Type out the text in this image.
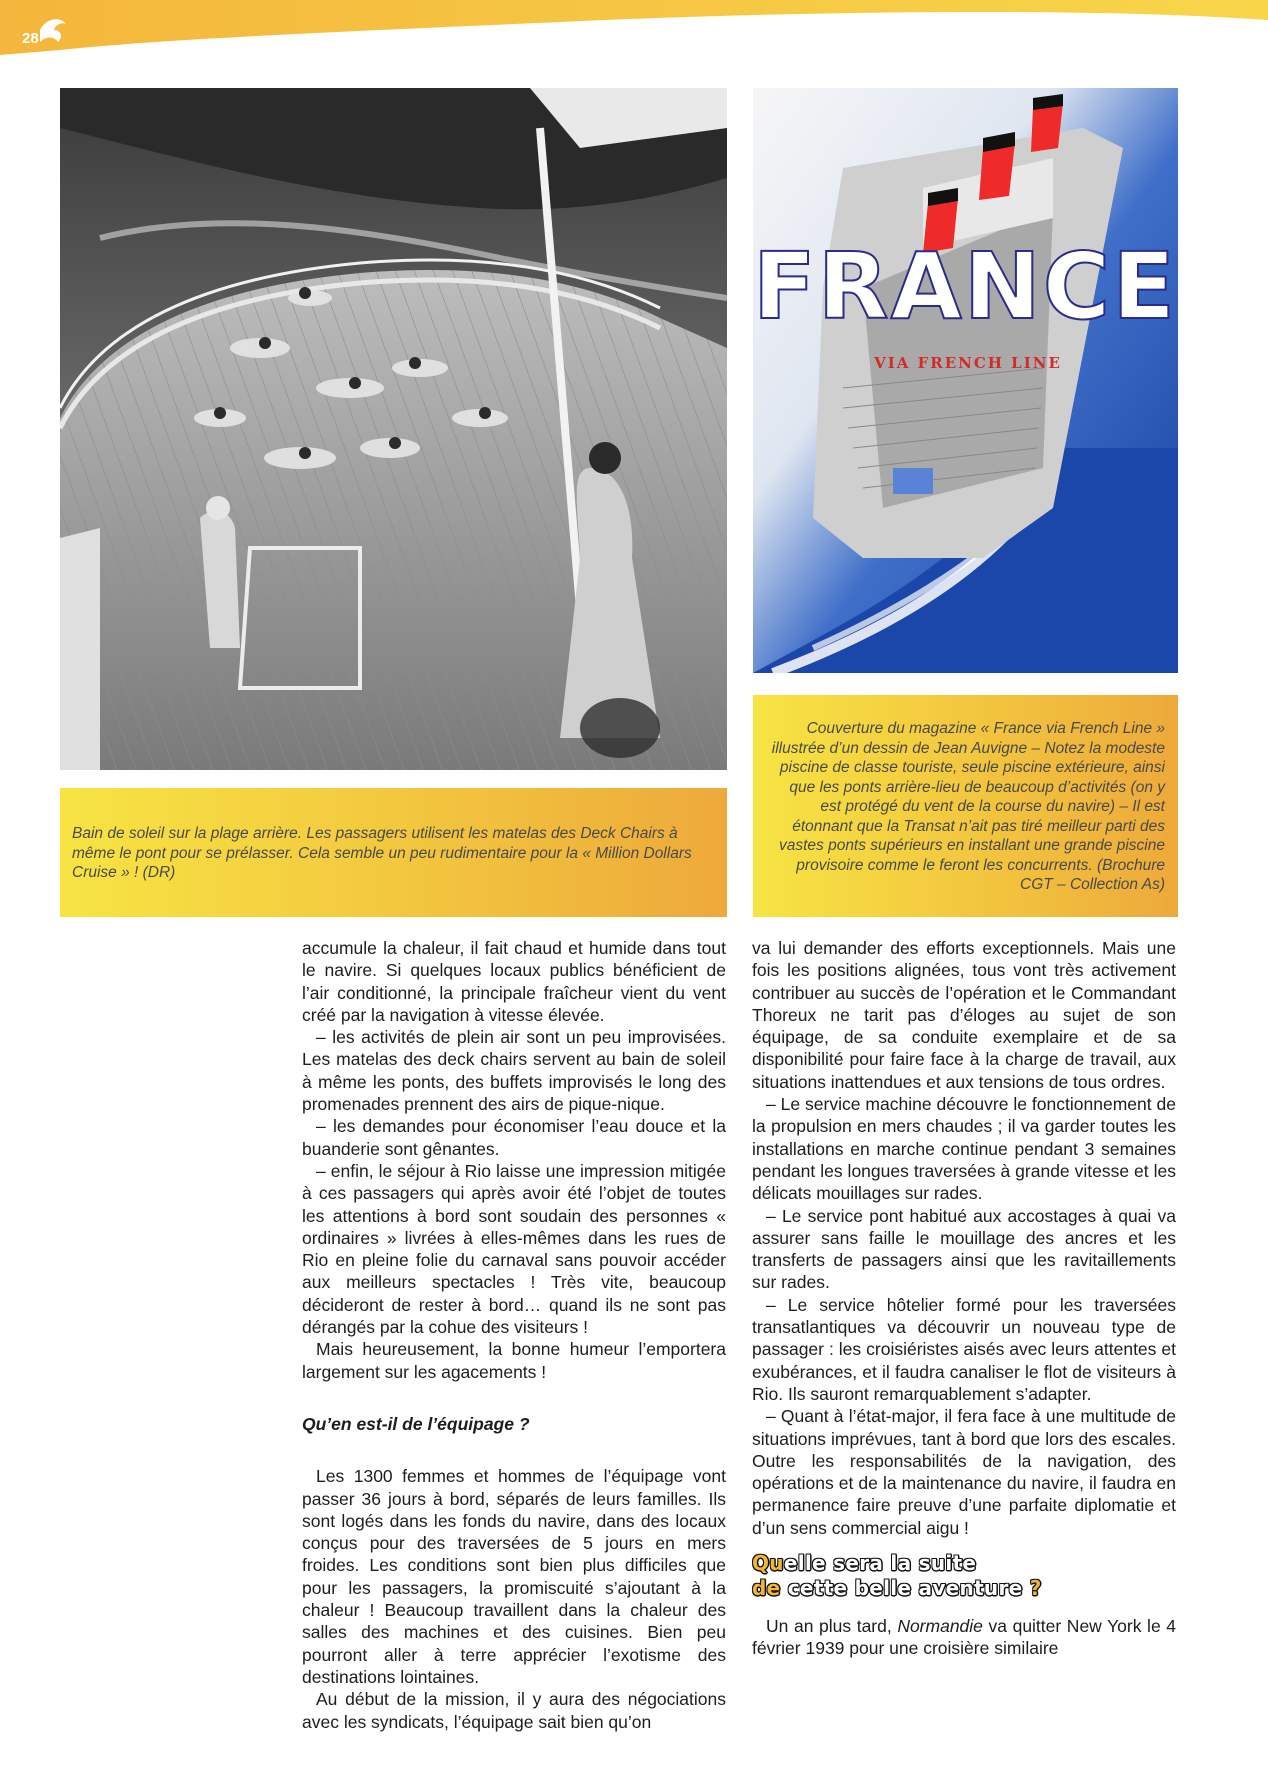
28
FRANCE
VIA FRENCH LINE
Bain de soleil sur la plage arrière. Les passagers utilisent les matelas des Deck Chairs à même le pont pour se prélasser. Cela semble un peu rudimentaire pour la « Million Dollars Cruise » ! (DR)
Couverture du magazine « France via French Line » illustrée d’un dessin de Jean Auvigne – Notez la modeste piscine de classe touriste, seule piscine extérieure, ainsi que les ponts arrière-lieu de beaucoup d’activités (on y est protégé du vent de la course du navire) – Il est étonnant que la Transat n’ait pas tiré meilleur parti des vastes ponts supérieurs en installant une grande piscine provisoire comme le feront les concurrents. (Brochure CGT – Collection As)

accumule la chaleur, il fait chaud et humide dans tout le navire. Si quelques locaux publics bénéficient de l’air conditionné, la principale fraîcheur vient du vent créé par la navigation à vitesse élevée.

– les activités de plein air sont un peu improvisées. Les matelas des deck chairs servent au bain de soleil à même les ponts, des buffets improvisés le long des promenades prennent des airs de pique-nique.

– les demandes pour économiser l’eau douce et la buanderie sont gênantes.

– enfin, le séjour à Rio laisse une impression mitigée à ces passagers qui après avoir été l’objet de toutes les attentions à bord sont soudain des personnes « ordinaires » livrées à elles-mêmes dans les rues de Rio en pleine folie du carnaval sans pouvoir accéder aux meilleurs spectacles ! Très vite, beaucoup décideront de rester à bord… quand ils ne sont pas dérangés par la cohue des visiteurs !

Mais heureusement, la bonne humeur l’emportera largement sur les agacements !

Qu’en est-il de l’équipage ?

Les 1300 femmes et hommes de l’équipage vont passer 36 jours à bord, séparés de leurs familles. Ils sont logés dans les fonds du navire, dans des locaux conçus pour des traversées de 5 jours en mers froides. Les conditions sont bien plus difficiles que pour les passagers, la promiscuité s’ajoutant à la chaleur ! Beaucoup travaillent dans la chaleur des salles des machines et des cuisines. Bien peu pourront aller à terre apprécier l’exotisme des destinations lointaines.

Au début de la mission, il y aura des négociations avec les syndicats, l’équipage sait bien qu’on

va lui demander des efforts exceptionnels. Mais une fois les positions alignées, tous vont très activement contribuer au succès de l’opération et le Commandant Thoreux ne tarit pas d’éloges au sujet de son équipage, de sa conduite exemplaire et de sa disponibilité pour faire face à la charge de travail, aux situations inattendues et aux tensions de tous ordres.

– Le service machine découvre le fonctionnement de la propulsion en mers chaudes ; il va garder toutes les installations en marche continue pendant 3 semaines pendant les longues traversées à grande vitesse et les délicats mouillages sur rades.

– Le service pont habitué aux accostages à quai va assurer sans faille le mouillage des ancres et les transferts de passagers ainsi que les ravitaillements sur rades.

– Le service hôtelier formé pour les traversées transatlantiques va découvrir un nouveau type de passager : les croisiéristes aisés avec leurs attentes et exubérances, et il faudra canaliser le flot de visiteurs à Rio. Ils sauront remarquablement s’adapter.

– Quant à l’état-major, il fera face à une multitude de situations imprévues, tant à bord que lors des escales. Outre les responsabilités de la navigation, des opérations et de la maintenance du navire, il faudra en permanence faire preuve d’une parfaite diplomatie et d’un sens commercial aigu !

Quelle sera la suite
de cette belle aventure ?

Un an plus tard, Normandie va quitter New York le 4 février 1939 pour une croisière similaire
